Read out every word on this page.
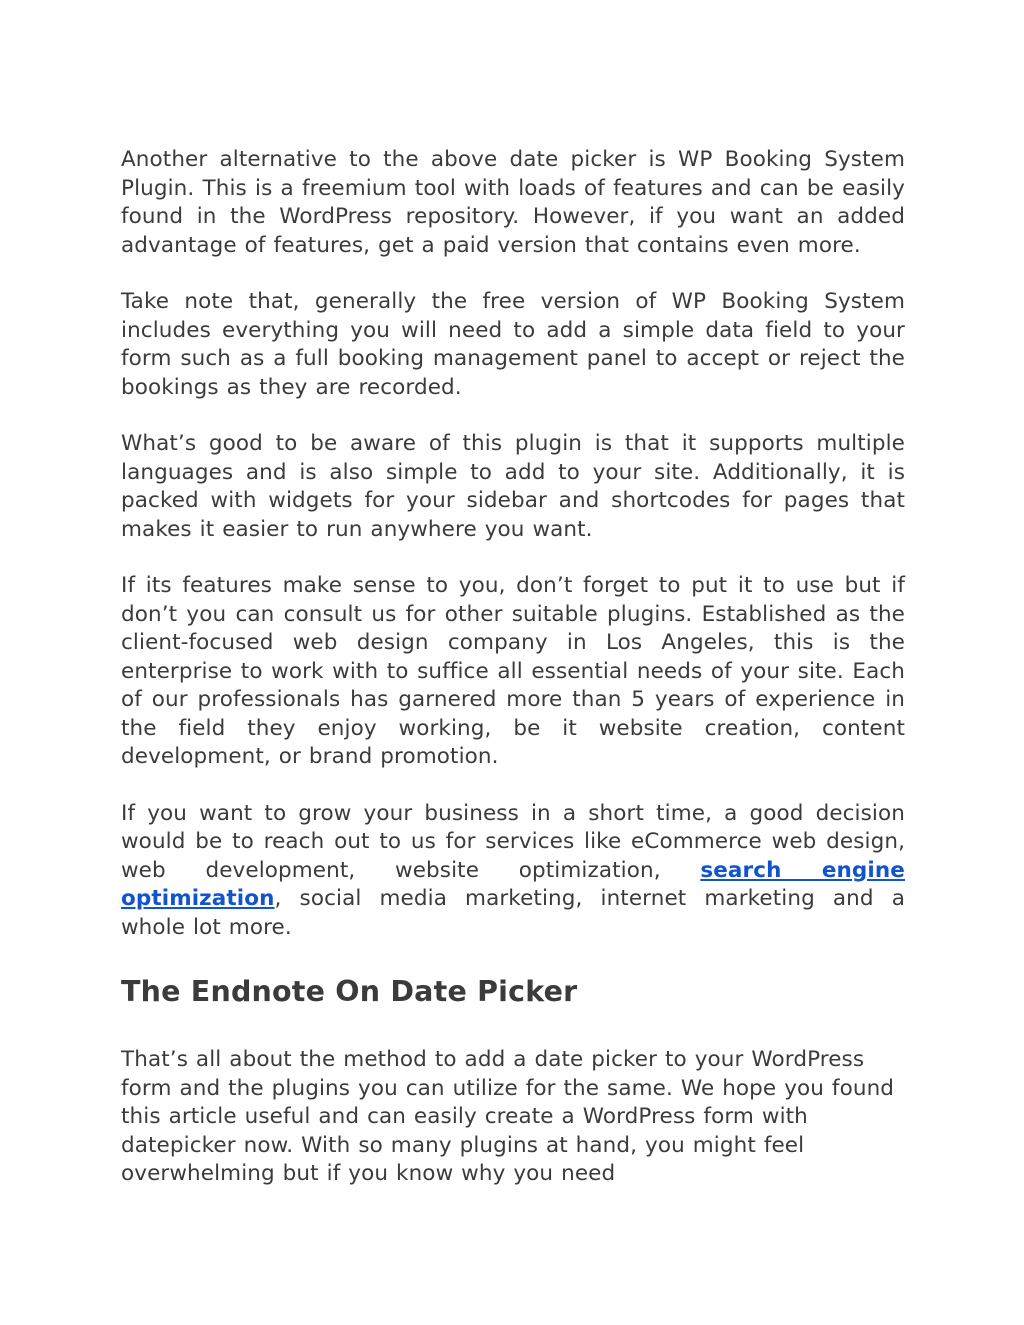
Another alternative to the above date picker is WP Booking System Plugin. This is a freemium tool with loads of features and can be easily found in the WordPress repository. However, if you want an added advantage of features, get a paid version that contains even more.

Take note that, generally the free version of WP Booking System includes everything you will need to add a simple data field to your form such as a full booking management panel to accept or reject the bookings as they are recorded.

What’s good to be aware of this plugin is that it supports multiple languages and is also simple to add to your site. Additionally, it is packed with widgets for your sidebar and shortcodes for pages that makes it easier to run anywhere you want.

If its features make sense to you, don’t forget to put it to use but if don’t you can consult us for other suitable plugins. Established as the client-focused web design company in Los Angeles, this is the enterprise to work with to suffice all essential needs of your site. Each of our professionals has garnered more than 5 years of experience in the field they enjoy working, be it website creation, content development, or brand promotion.

If you want to grow your business in a short time, a good decision would be to reach out to us for services like eCommerce web design, web development, website optimization, search engine optimization, social media marketing, internet marketing and a whole lot more.

The Endnote On Date Picker

That’s all about the method to add a date picker to your WordPress form and the plugins you can utilize for the same. We hope you found this article useful and can easily create a WordPress form with datepicker now. With so many plugins at hand, you might feel overwhelming but if you know why you need
